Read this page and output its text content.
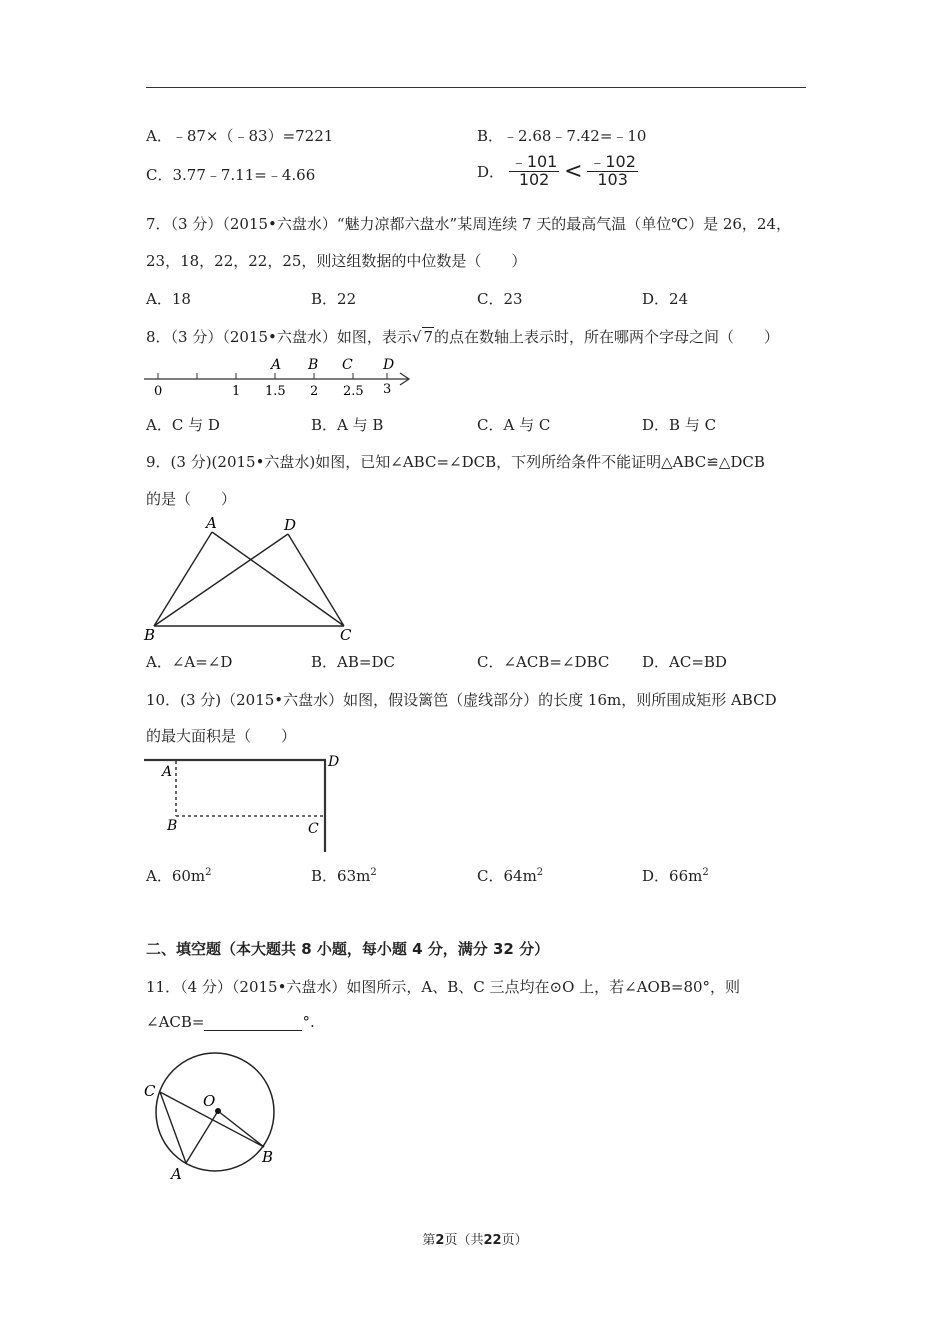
A．﹣87×（﹣83）=7221	B．﹣2.68﹣7.42=﹣10
C．3.77﹣7.11=﹣4.66	D． $\frac{﹣101}{102} < \frac{﹣102}{103}$
7．（3 分）（2015•六盘水）“魅力凉都六盘水”某周连续 7 天的最高气温（单位℃）是 26，24，
23，18，22，22，25，则这组数据的中位数是（　　）
A．18	B．22	C．23	D．24
8．（3 分）（2015•六盘水）如图，表示√ 7的点在数轴上表示时，所在哪两个字母之间（　　）
0	1 1.5 2 2.5 3
A B C D
A．C 与 D	B．A 与 B	C．A 与 C	D．B 与 C
9．(3 分)(2015•六盘水)如图，已知∠ABC=∠DCB，下列所给条件不能证明△ABC≌△DCB
的是（　　）
A	D
B	C
A．∠A=∠D	B．AB=DC	C．∠ACB=∠DBC D．AC=BD
10．(3 分)（2015•六盘水）如图，假设篱笆（虚线部分）的长度 16m，则所围成矩形 ABCD
的最大面积是（　　）
A
D
B	C
A．$60m^2$	B．$63m^2$	C．$64m^2$	D．$66m^2$
二、填空题（本大题共 8 小题，每小题 4 分，满分 32 分）
11．（4 分）（2015•六盘水）如图所示，A、B、C 三点均在⊙O 上，若∠AOB=80°，则
∠ACB=	°.
C
O
A
B
第2页（共22页）
